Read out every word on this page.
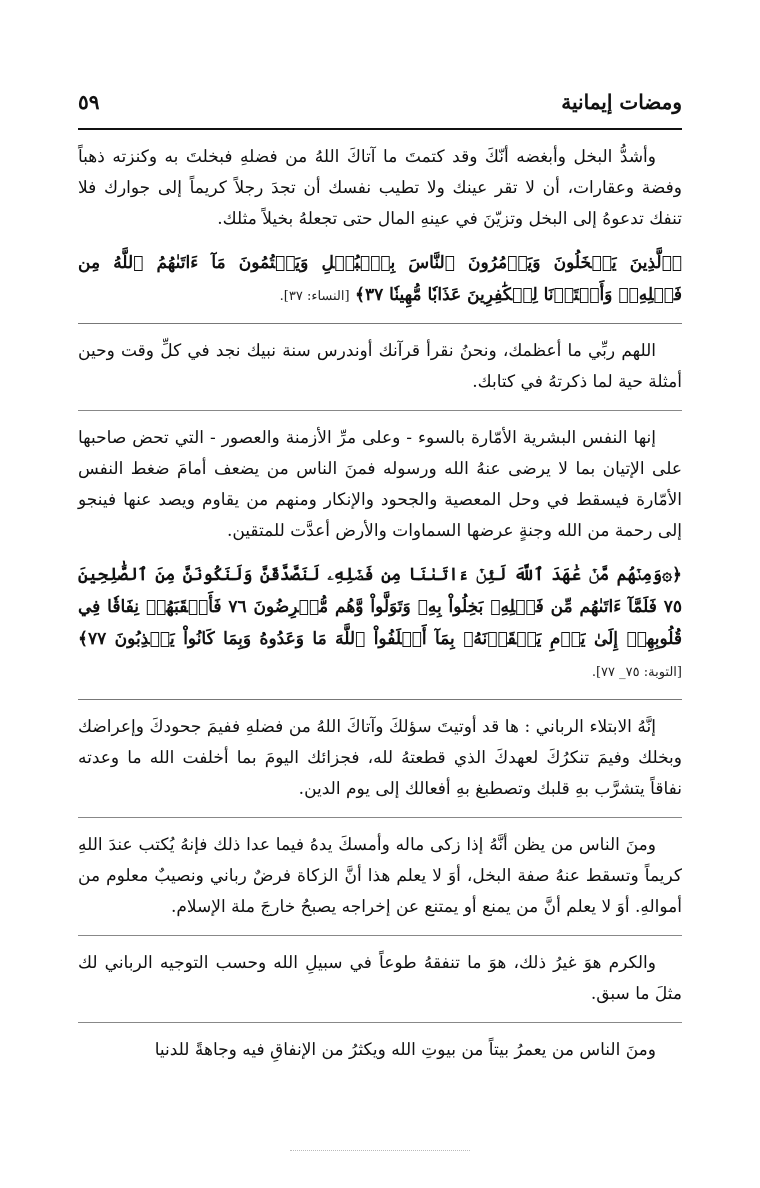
ومضات إيمانية
٥٩

وأشدُّ البخل وأبغضه أنّكَ وقد كتمتَ ما آتاكَ اللهُ من فضلهِ فبخلتَ به وكنزته ذهباً وفضة وعقارات، أن لا تقر عينك ولا تطيب نفسك أن تجدَ رجلاً كريماً إلى جوارك فلا تنفك تدعوهُ إلى البخل وتزيّنَ في عينهِ المال حتى تجعلهُ بخيلاً مثلك.

﴿ٱلَّذِينَ يَبۡخَلُونَ وَيَأۡمُرُونَ ٱلنَّاسَ بِٱلۡبُخۡلِ وَيَكۡتُمُونَ مَآ ءَاتَىٰهُمُ ٱللَّهُ مِن فَضۡلِهِۦۗ وَأَعۡتَدۡنَا لِلۡكَٰفِرِينَ عَذَابٗا مُّهِينٗا ٣٧﴾ [النساء: ٣٧].

اللهم ربِّي ما أعظمك، ونحنُ نقرأ قرآنك أوندرس سنة نبيك نجد في كلِّ وقت وحين أمثلة حية لما ذكرتهُ في كتابك.

إنها النفس البشرية الأمّارة بالسوء - وعلى مرِّ الأزمنة والعصور - التي تحض صاحبها على الإتيان بما لا يرضى عنهُ الله ورسوله فمنَ الناس من يضعف أمامَ ضغط النفس الأمّارة فيسقط في وحل المعصية والجحود والإنكار ومنهم من يقاوم ويصد عنها فينجو إلى رحمة من الله وجنةٍ عرضها السماوات والأرض أعدَّت للمتقين.

﴿۞وَمِنۡهُم مَّنۡ عَٰهَدَ ٱللَّهَ لَئِنۡ ءَاتَىٰنَا مِن فَضۡلِهِۦ لَنَصَّدَّقَنَّ وَلَنَكُونَنَّ مِنَ ٱلصَّٰلِحِينَ ٧٥ فَلَمَّآ ءَاتَىٰهُم مِّن فَضۡلِهِۦ بَخِلُواْ بِهِۦ وَتَوَلَّواْ وَّهُم مُّعۡرِضُونَ ٧٦ فَأَعۡقَبَهُمۡ نِفَاقٗا فِي قُلُوبِهِمۡ إِلَىٰ يَوۡمِ يَلۡقَوۡنَهُۥ بِمَآ أَخۡلَفُواْ ٱللَّهَ مَا وَعَدُوهُ وَبِمَا كَانُواْ يَكۡذِبُونَ ٧٧﴾ [التوبة: ٧٥_ ٧٧].

إنَّهُ الابتلاء الرباني : ها قد أوتيتَ سؤلكَ وآتاكَ اللهُ من فضلهِ ففيمَ جحودكَ وإعراضك وبخلك وفيمَ تنكرُكَ لعهدكَ الذي قطعتهُ لله، فجزائك اليومَ بما أخلفت الله ما وعدته نفاقاً يتشرَّب بهِ قلبك وتصطبغ بهِ أفعالك إلى يوم الدين.

ومنَ الناس من يظن أنَّهُ إذا زكى ماله وأمسكَ يدهُ فيما عدا ذلك فإنهُ يُكتب عندَ اللهِ كريماً وتسقط عنهُ صفة البخل، أوَ لا يعلم هذا أنَّ الزكاة فرضٌ رباني ونصيبٌ معلوم من أموالهِ. أوَ لا يعلم أنَّ من يمنع أو يمتنع عن إخراجه يصبحُ خارجَ ملة الإسلام.

والكرم هوَ غيرُ ذلك، هوَ ما تنفقهُ طوعاً في سبيلِ الله وحسب التوجيه الرباني لك مثلَ ما سبق.

ومنَ الناس من يعمرُ بيتاً من بيوتِ الله ويكثرُ من الإنفاقِ فيه وجاهةً للدنيا
